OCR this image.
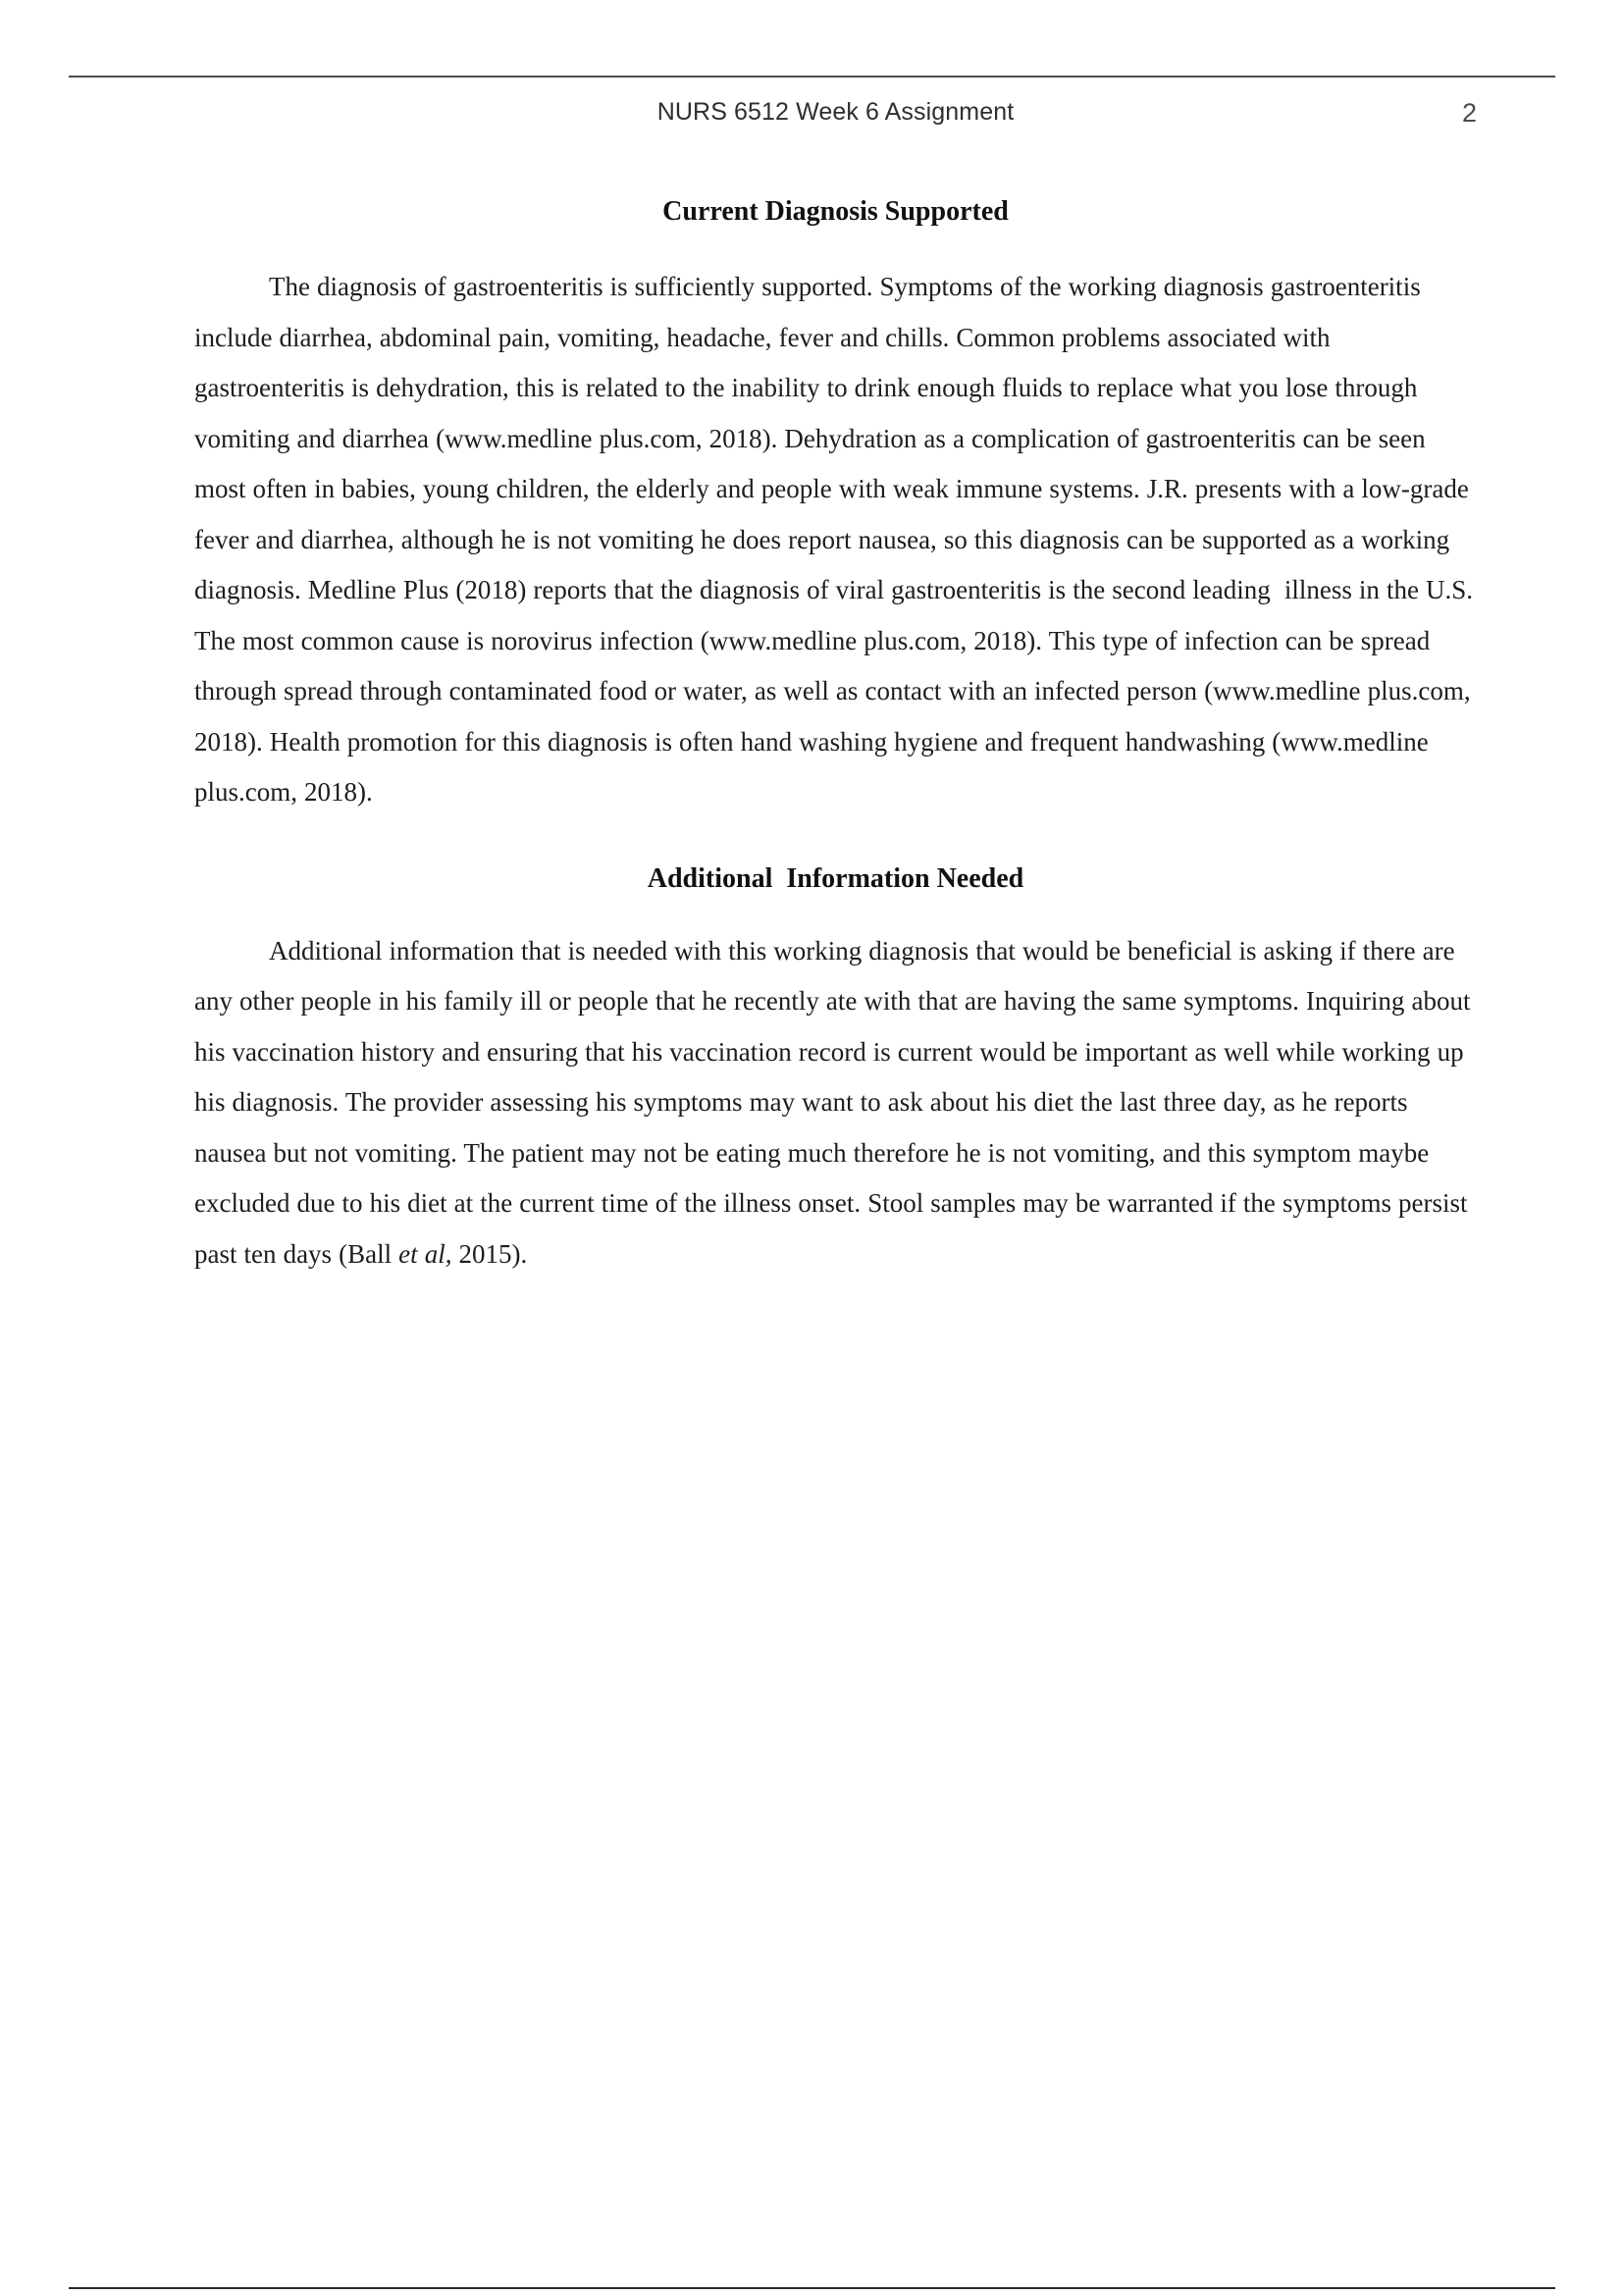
NURS 6512 Week 6 Assignment	2
Current Diagnosis Supported

The diagnosis of gastroenteritis is sufficiently supported. Symptoms of the working diagnosis gastroenteritis include diarrhea, abdominal pain, vomiting, headache, fever and chills. Common problems associated with gastroenteritis is dehydration, this is related to the inability to drink enough fluids to replace what you lose through vomiting and diarrhea (www.medline plus.com, 2018). Dehydration as a complication of gastroenteritis can be seen most often in babies, young children, the elderly and people with weak immune systems. J.R. presents with a low-grade fever and diarrhea, although he is not vomiting he does report nausea, so this diagnosis can be supported as a working diagnosis. Medline Plus (2018) reports that the diagnosis of viral gastroenteritis is the second leading  illness in the U.S. The most common cause is norovirus infection (www.medline plus.com, 2018). This type of infection can be spread through spread through contaminated food or water, as well as contact with an infected person (www.medline plus.com, 2018). Health promotion for this diagnosis is often hand washing hygiene and frequent handwashing (www.medline plus.com, 2018).

Additional  Information Needed

Additional information that is needed with this working diagnosis that would be beneficial is asking if there are any other people in his family ill or people that he recently ate with that are having the same symptoms. Inquiring about his vaccination history and ensuring that his vaccination record is current would be important as well while working up his diagnosis. The provider assessing his symptoms may want to ask about his diet the last three day, as he reports nausea but not vomiting. The patient may not be eating much therefore he is not vomiting, and this symptom maybe excluded due to his diet at the current time of the illness onset. Stool samples may be warranted if the symptoms persist past ten days (Ball et al, 2015).
